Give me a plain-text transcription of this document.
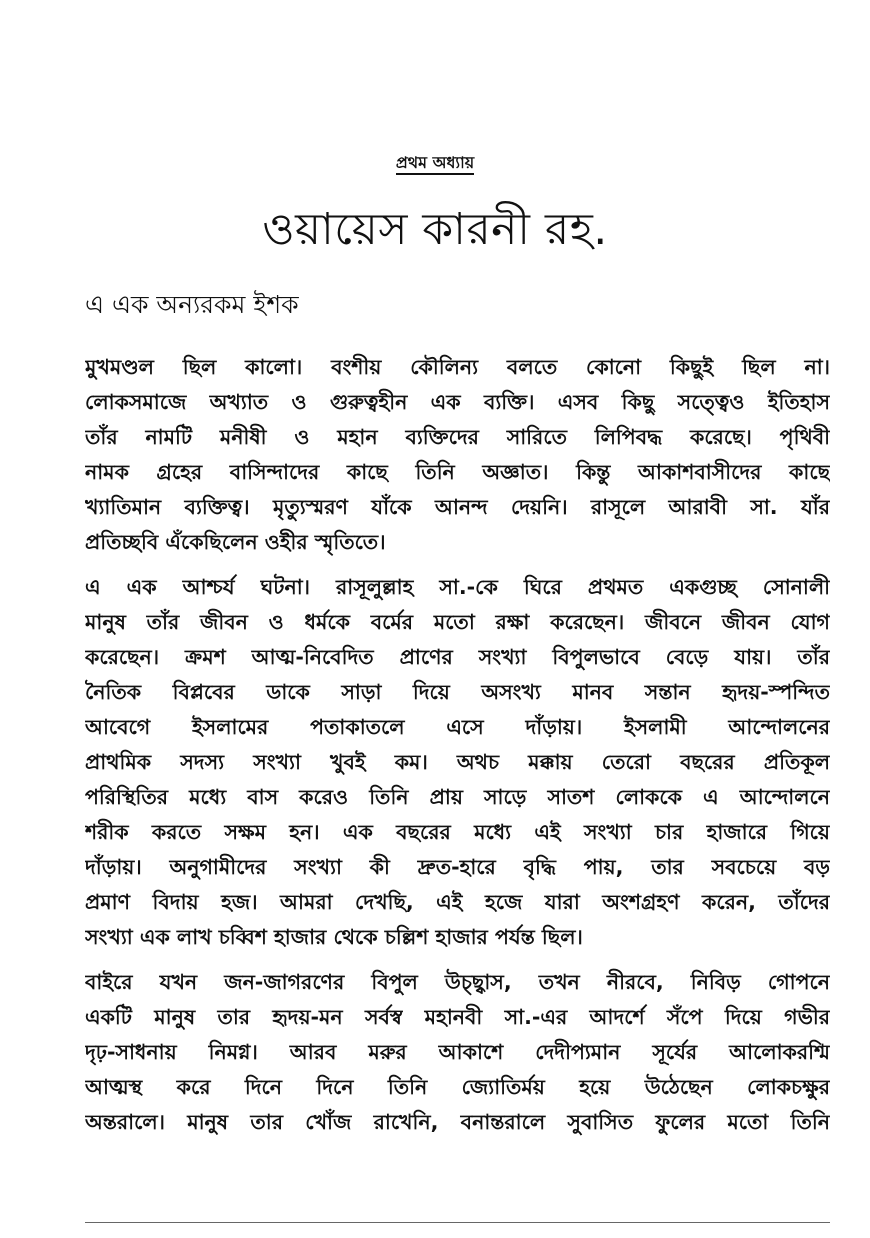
প্রথম অধ্যায়
ওয়ায়েস কারনী রহ.
এ এক অন্যরকম ইশক
মুখমণ্ডল ছিল কালো। বংশীয় কৌলিন্য বলতে কোনো কিছুই ছিল না।
লোকসমাজে অখ্যাত ও গুরুত্বহীন এক ব্যক্তি। এসব কিছু সত্ত্বেও ইতিহাস
তাঁর নামটি মনীষী ও মহান ব্যক্তিদের সারিতে লিপিবদ্ধ করেছে। পৃথিবী
নামক গ্রহের বাসিন্দাদের কাছে তিনি অজ্ঞাত। কিন্তু আকাশবাসীদের কাছে
খ্যাতিমান ব্যক্তিত্ব। মৃত্যুস্মরণ যাঁকে আনন্দ দেয়নি। রাসূলে আরাবী সা. যাঁর
প্রতিচ্ছবি এঁকেছিলেন ওইীর স্মৃতিতে।
এ এক আশ্চর্য ঘটনা। রাসূলুল্লাহ সা.-কে ঘিরে প্রথমত একগুচ্ছ সোনালী
মানুষ তাঁর জীবন ও ধর্মকে বর্মের মতো রক্ষা করেছেন। জীবনে জীবন যোগ
করেছেন। ক্রমশ আত্ম-নিবেদিত প্রাণের সংখ্যা বিপুলভাবে বেড়ে যায়। তাঁর
নৈতিক বিপ্লবের ডাকে সাড়া দিয়ে অসংখ্য মানব সন্তান হৃদয়-স্পন্দিত
আবেগে ইসলামের পতাকাতলে এসে দাঁড়ায়। ইসলামী আন্দোলনের
প্রাথমিক সদস্য সংখ্যা খুবই কম। অথচ মক্কায় তেরো বছরের প্রতিকূল
পরিস্থিতির মধ্যে বাস করেও তিনি প্রায় সাড়ে সাতশ লোককে এ আন্দোলনে
শরীক করতে সক্ষম হন। এক বছরের মধ্যে এই সংখ্যা চার হাজারে গিয়ে
দাঁড়ায়। অনুগামীদের সংখ্যা কী দ্রুত-হারে বৃদ্ধি পায়, তার সবচেয়ে বড়
প্রমাণ বিদায় হজ। আমরা দেখছি, এই হজে যারা অংশগ্রহণ করেন, তাঁদের
সংখ্যা এক লাখ চব্বিশ হাজার থেকে চল্লিশ হাজার পর্যন্ত ছিল।
বাইরে যখন জন-জাগরণের বিপুল উচ্ছ্বাস, তখন নীরবে, নিবিড় গোপনে
একটি মানুষ তার হৃদয়-মন সর্বস্ব মহানবী সা.-এর আদর্শে সঁপে দিয়ে গভীর
দৃঢ়-সাধনায় নিমগ্ন। আরব মরুর আকাশে দেদীপ্যমান সূর্যের আলোকরশ্মি
আত্মস্থ করে দিনে দিনে তিনি জ্যোতির্ময় হয়ে উঠেছেন লোকচক্ষুর
অন্তরালে। মানুষ তার খোঁজ রাখেনি, বনান্তরালে সুবাসিত ফুলের মতো তিনি
